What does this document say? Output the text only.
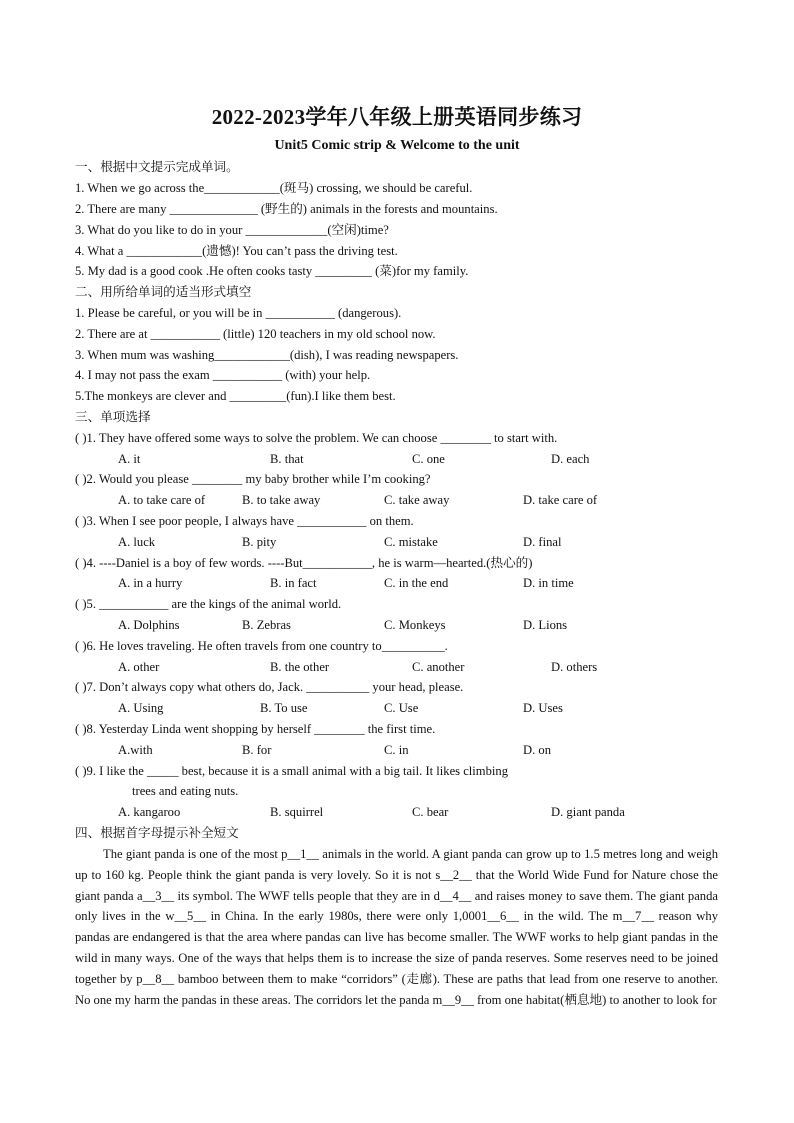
2022-2023学年八年级上册英语同步练习
Unit5 Comic strip & Welcome to the unit
一、根据中文提示完成单词。
1. When we go across the____________(斑马) crossing, we should be careful.
2. There are many ______________ (野生的) animals in the forests and mountains.
3. What do you like to do in your _____________(空闲)time?
4. What a ____________(遗憾)! You can’t pass the driving test.
5. My dad is a good cook .He often cooks tasty _________ (菜)for my family.
二、用所给单词的适当形式填空
1. Please be careful, or you will be in ___________ (dangerous).
2. There are at ___________ (little) 120 teachers in my old school now.
3. When mum was washing____________(dish), I was reading newspapers.
4. I may not pass the exam ___________ (with) your help.
5.The monkeys are clever and _________(fun).I like them best.
三、单项选择
( )1. They have offered some ways to solve the problem. We can choose ________ to start with.
A. it	B. that	C. one	D. each
( )2. Would you please ________ my baby brother while I’m cooking?
A. to take care of	B. to take away	C. take away	D. take care of
( )3. When I see poor people, I always have ___________ on them.
A. luck	B. pity	C. mistake	D. final
( )4. ----Daniel is a boy of few words. ----But___________, he is warm—hearted.(热心的)
A. in a hurry	B. in fact	C. in the end	D. in time
( )5. ___________ are the kings of the animal world.
A. Dolphins	B. Zebras	C. Monkeys	D. Lions
( )6. He loves traveling. He often travels from one country to__________.
A. other	B. the other	C. another	D. others
( )7. Don’t always copy what others do, Jack. __________ your head, please.
A. Using	B. To use	C. Use	D. Uses
( )8. Yesterday Linda went shopping by herself ________ the first time.
A.with	B. for	C. in	D. on
( )9. I like the _____ best, because it is a small animal with a big tail. It likes climbing
trees and eating nuts.
A. kangaroo	B. squirrel	C. bear	D. giant panda
四、根据首字母提示补全短文
The giant panda is one of the most p__1__ animals in the world. A giant panda can grow up to 1.5 metres long and weigh up to 160 kg. People think the giant panda is very lovely. So it is not s__2__ that the World Wide Fund for Nature chose the giant panda a__3__ its symbol. The WWF tells people that they are in d__4__ and raises money to save them. The giant panda only lives in the w__5__ in China. In the early 1980s, there were only 1,0001__6__ in the wild. The m__7__ reason why pandas are endangered is that the area where pandas can live has become smaller. The WWF works to help giant pandas in the wild in many ways. One of the ways that helps them is to increase the size of panda reserves. Some reserves need to be joined together by p__8__ bamboo between them to make “corridors” (走廊). These are paths that lead from one reserve to another. No one my harm the pandas in these areas. The corridors let the panda m__9__ from one habitat(栖息地) to another to look for
